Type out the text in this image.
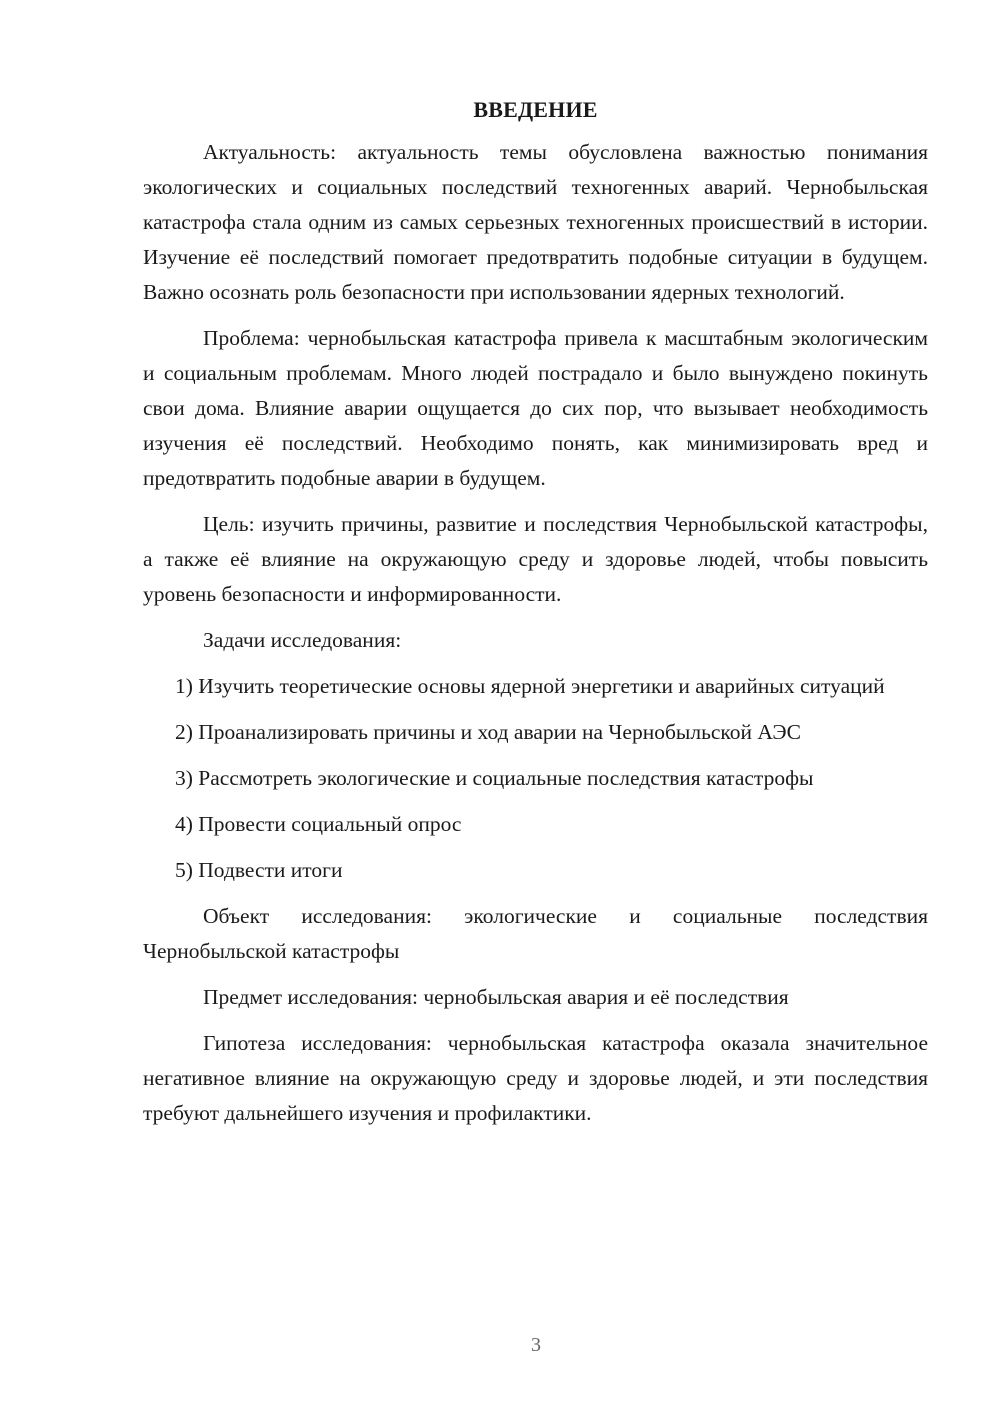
ВВЕДЕНИЕ

Актуальность: актуальность темы обусловлена важностью понимания экологических и социальных последствий техногенных аварий. Чернобыльская катастрофа стала одним из самых серьезных техногенных происшествий в истории. Изучение её последствий помогает предотвратить подобные ситуации в будущем. Важно осознать роль безопасности при использовании ядерных технологий.

Проблема: чернобыльская катастрофа привела к масштабным экологическим и социальным проблемам. Много людей пострадало и было вынуждено покинуть свои дома. Влияние аварии ощущается до сих пор, что вызывает необходимость изучения её последствий. Необходимо понять, как минимизировать вред и предотвратить подобные аварии в будущем.

Цель: изучить причины, развитие и последствия Чернобыльской катастрофы, а также её влияние на окружающую среду и здоровье людей, чтобы повысить уровень безопасности и информированности.

Задачи исследования:

1) Изучить теоретические основы ядерной энергетики и аварийных ситуаций

2) Проанализировать причины и ход аварии на Чернобыльской АЭС

3) Рассмотреть экологические и социальные последствия катастрофы

4) Провести социальный опрос

5) Подвести итоги

Объект исследования: экологические и социальные последствия Чернобыльской катастрофы

Предмет исследования: чернобыльская авария и её последствия

Гипотеза исследования: чернобыльская катастрофа оказала значительное негативное влияние на окружающую среду и здоровье людей, и эти последствия требуют дальнейшего изучения и профилактики.

3
